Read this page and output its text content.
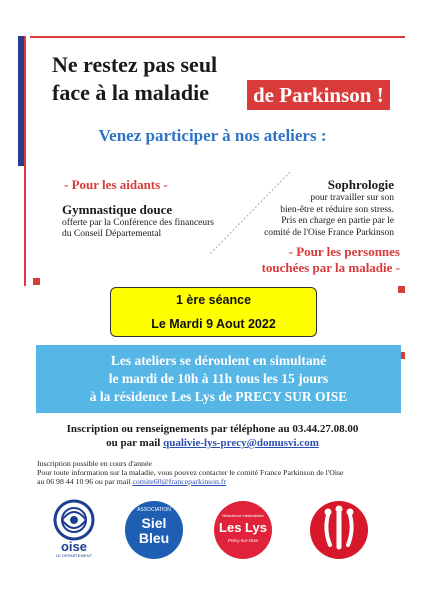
Ne restez pas seul
face à la maladie de Parkinson !
Venez participer à nos ateliers :
- Pour les aidants -
Gymnastique douce
offerte par la Conférence des financeurs du Conseil Départemental
Sophrologie
pour travailler sur son
bien-être et réduire son stress.
Pris en charge en partie par le
comité de l'Oise France Parkinson
- Pour les personnes
touchées par la maladie -
1 ère séance
Le Mardi 9 Aout 2022
Les ateliers se déroulent en simultané
le mardi de 10h à 11h tous les 15 jours
à la résidence Les Lys de PRECY SUR OISE
Inscription ou renseignements par téléphone au 03.44.27.08.00
ou par mail qualivie-lys-precy@domusvi.com
Inscription possible en cours d'année
Pour toute information sur la maladie, vous pouvez contacter le comité France Parkinson de l'Oise
au 06 98 44 10 96 ou par mail comite60@franceparkinson.fr
oise
LE DÉPARTEMENT
ASSOCIATION
Siel
Bleu
Résidence médicalisée
Les Lys
Précy-sur-Oise
